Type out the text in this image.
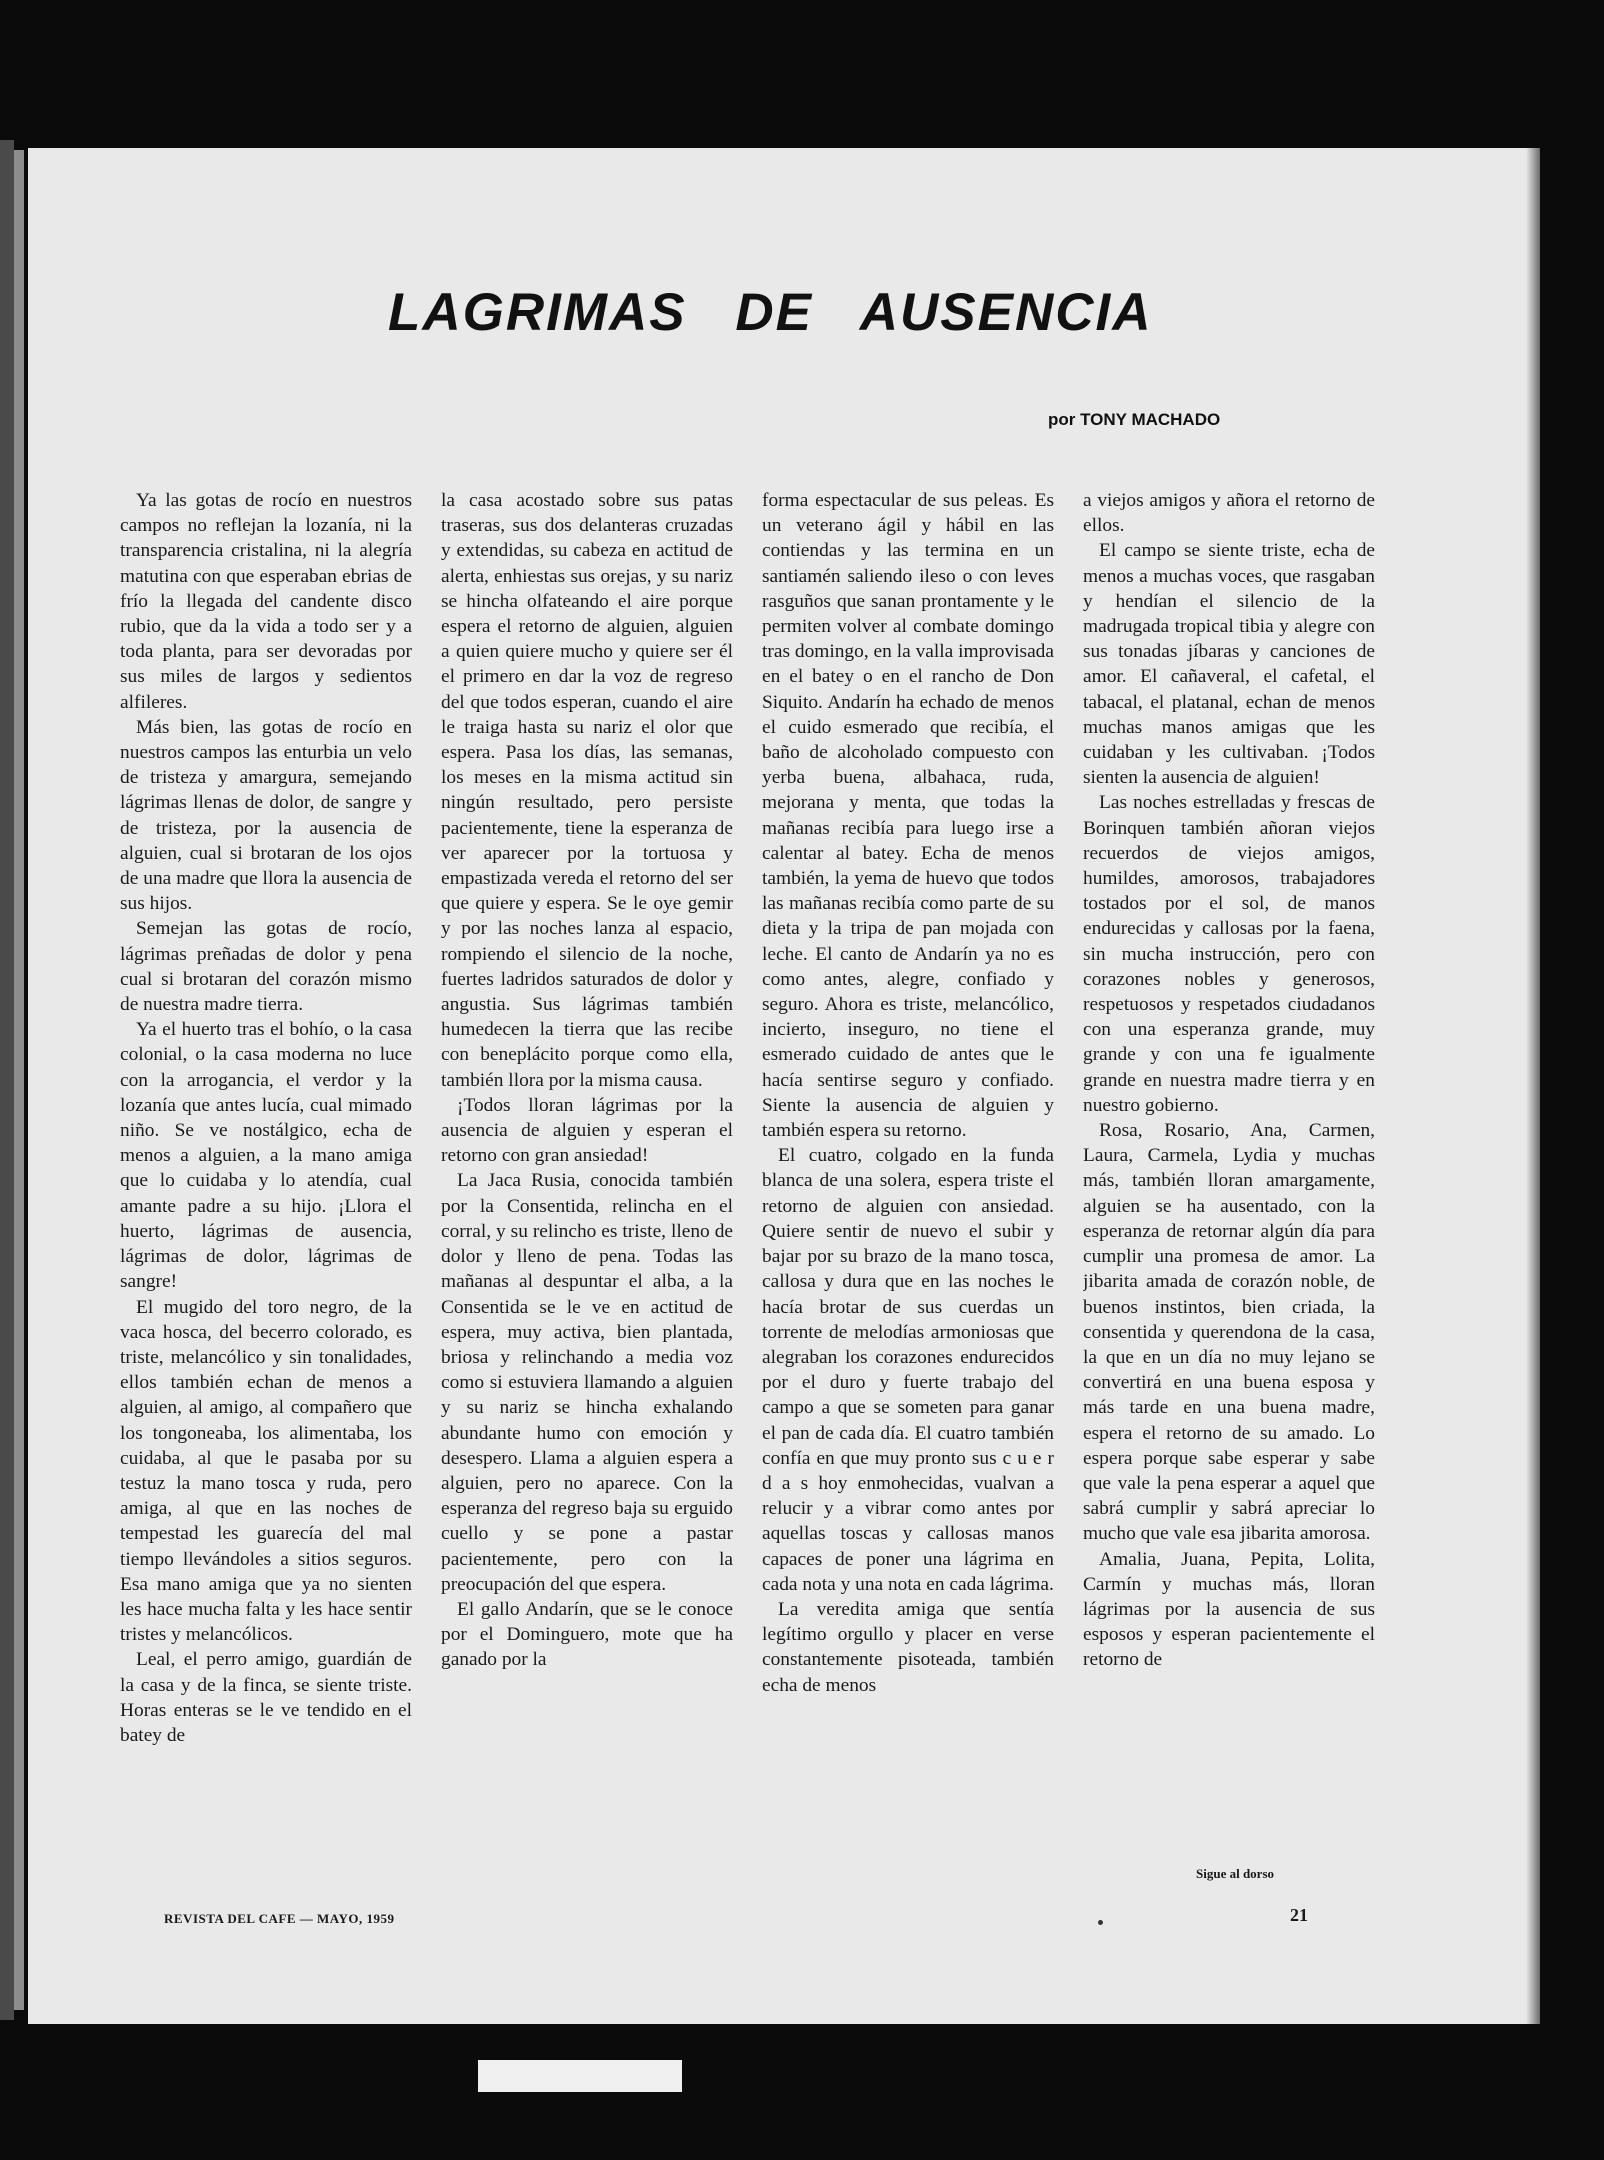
LAGRIMAS DE AUSENCIA

por TONY MACHADO

Ya las gotas de rocío en nuestros campos no reflejan la lozanía, ni la transparencia cristalina, ni la alegría matutina con que esperaban ebrias de frío la llegada del candente disco rubio, que da la vida a todo ser y a toda planta, para ser devoradas por sus miles de largos y sedientos alfileres.

Más bien, las gotas de rocío en nuestros campos las enturbia un velo de tristeza y amargura, semejando lágrimas llenas de dolor, de sangre y de tristeza, por la ausencia de alguien, cual si brotaran de los ojos de una madre que llora la ausencia de sus hijos.

Semejan las gotas de rocío, lágrimas preñadas de dolor y pena cual si brotaran del corazón mismo de nuestra madre tierra.

Ya el huerto tras el bohío, o la casa colonial, o la casa moderna no luce con la arrogancia, el verdor y la lozanía que antes lucía, cual mimado niño. Se ve nostálgico, echa de menos a alguien, a la mano amiga que lo cuidaba y lo atendía, cual amante padre a su hijo. ¡Llora el huerto, lágrimas de ausencia, lágrimas de dolor, lágrimas de sangre!

El mugido del toro negro, de la vaca hosca, del becerro colorado, es triste, melancólico y sin tonalidades, ellos también echan de menos a alguien, al amigo, al compañero que los tongoneaba, los alimentaba, los cuidaba, al que le pasaba por su testuz la mano tosca y ruda, pero amiga, al que en las noches de tempestad les guarecía del mal tiempo llevándoles a sitios seguros. Esa mano amiga que ya no sienten les hace mucha falta y les hace sentir tristes y melancólicos.

Leal, el perro amigo, guardián de la casa y de la finca, se siente triste. Horas enteras se le ve tendido en el batey de

la casa acostado sobre sus patas traseras, sus dos delanteras cruzadas y extendidas, su cabeza en actitud de alerta, enhiestas sus orejas, y su nariz se hincha olfateando el aire porque espera el retorno de alguien, alguien a quien quiere mucho y quiere ser él el primero en dar la voz de regreso del que todos esperan, cuando el aire le traiga hasta su nariz el olor que espera. Pasa los días, las semanas, los meses en la misma actitud sin ningún resultado, pero persiste pacientemente, tiene la esperanza de ver aparecer por la tortuosa y empastizada vereda el retorno del ser que quiere y espera. Se le oye gemir y por las noches lanza al espacio, rompiendo el silencio de la noche, fuertes ladridos saturados de dolor y angustia. Sus lágrimas también humedecen la tierra que las recibe con beneplácito porque como ella, también llora por la misma causa.

¡Todos lloran lágrimas por la ausencia de alguien y esperan el retorno con gran ansiedad!

La Jaca Rusia, conocida también por la Consentida, relincha en el corral, y su relincho es triste, lleno de dolor y lleno de pena. Todas las mañanas al despuntar el alba, a la Consentida se le ve en actitud de espera, muy activa, bien plantada, briosa y relinchando a media voz como si estuviera llamando a alguien y su nariz se hincha exhalando abundante humo con emoción y desespero. Llama a alguien espera a alguien, pero no aparece. Con la esperanza del regreso baja su erguido cuello y se pone a pastar pacientemente, pero con la preocupación del que espera.

El gallo Andarín, que se le conoce por el Dominguero, mote que ha ganado por la

forma espectacular de sus peleas. Es un veterano ágil y hábil en las contiendas y las termina en un santiamén saliendo ileso o con leves rasguños que sanan prontamente y le permiten volver al combate domingo tras domingo, en la valla improvisada en el batey o en el rancho de Don Siquito. Andarín ha echado de menos el cuido esmerado que recibía, el baño de alcoholado compuesto con yerba buena, albahaca, ruda, mejorana y menta, que todas la mañanas recibía para luego irse a calentar al batey. Echa de menos también, la yema de huevo que todos las mañanas recibía como parte de su dieta y la tripa de pan mojada con leche. El canto de Andarín ya no es como antes, alegre, confiado y seguro. Ahora es triste, melancólico, incierto, inseguro, no tiene el esmerado cuidado de antes que le hacía sentirse seguro y confiado. Siente la ausencia de alguien y también espera su retorno.

El cuatro, colgado en la funda blanca de una solera, espera triste el retorno de alguien con ansiedad. Quiere sentir de nuevo el subir y bajar por su brazo de la mano tosca, callosa y dura que en las noches le hacía brotar de sus cuerdas un torrente de melodías armoniosas que alegraban los corazones endurecidos por el duro y fuerte trabajo del campo a que se someten para ganar el pan de cada día. El cuatro también confía en que muy pronto sus c u e r d a s hoy enmohecidas, vualvan a relucir y a vibrar como antes por aquellas toscas y callosas manos capaces de poner una lágrima en cada nota y una nota en cada lágrima.

La veredita amiga que sentía legítimo orgullo y placer en verse constantemente pisoteada, también echa de menos

a viejos amigos y añora el retorno de ellos.

El campo se siente triste, echa de menos a muchas voces, que rasgaban y hendían el silencio de la madrugada tropical tibia y alegre con sus tonadas jíbaras y canciones de amor. El cañaveral, el cafetal, el tabacal, el platanal, echan de menos muchas manos amigas que les cuidaban y les cultivaban. ¡Todos sienten la ausencia de alguien!

Las noches estrelladas y frescas de Borinquen también añoran viejos recuerdos de viejos amigos, humildes, amorosos, trabajadores tostados por el sol, de manos endurecidas y callosas por la faena, sin mucha instrucción, pero con corazones nobles y generosos, respetuosos y respetados ciudadanos con una esperanza grande, muy grande y con una fe igualmente grande en nuestra madre tierra y en nuestro gobierno.

Rosa, Rosario, Ana, Carmen, Laura, Carmela, Lydia y muchas más, también lloran amargamente, alguien se ha ausentado, con la esperanza de retornar algún día para cumplir una promesa de amor. La jibarita amada de corazón noble, de buenos instintos, bien criada, la consentida y querendona de la casa, la que en un día no muy lejano se convertirá en una buena esposa y más tarde en una buena madre, espera el retorno de su amado. Lo espera porque sabe esperar y sabe que vale la pena esperar a aquel que sabrá cumplir y sabrá apreciar lo mucho que vale esa jibarita amorosa.

Amalia, Juana, Pepita, Lolita, Carmín y muchas más, lloran lágrimas por la ausencia de sus esposos y esperan pacientemente el retorno de

Sigue al dorso

REVISTA DEL CAFE — MAYO, 1959	21
